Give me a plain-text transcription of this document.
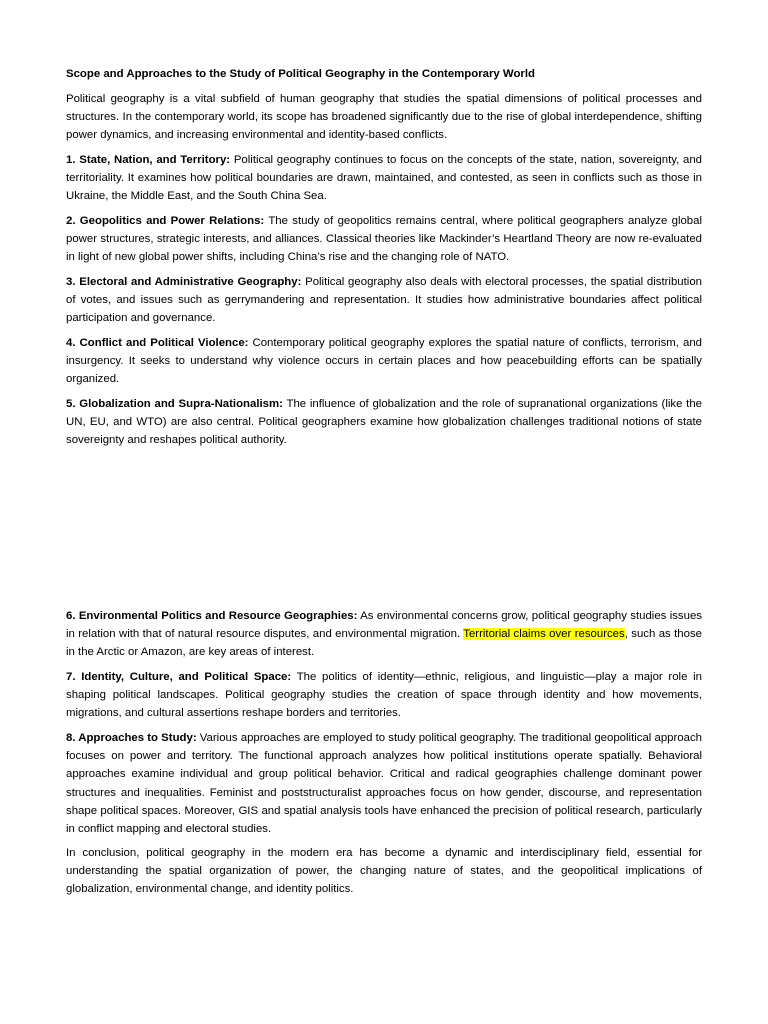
Scope and Approaches to the Study of Political Geography in the Contemporary World

Political geography is a vital subfield of human geography that studies the spatial dimensions of political processes and structures. In the contemporary world, its scope has broadened significantly due to the rise of global interdependence, shifting power dynamics, and increasing environmental and identity-based conflicts.

1. State, Nation, and Territory: Political geography continues to focus on the concepts of the state, nation, sovereignty, and territoriality. It examines how political boundaries are drawn, maintained, and contested, as seen in conflicts such as those in Ukraine, the Middle East, and the South China Sea.

2. Geopolitics and Power Relations: The study of geopolitics remains central, where political geographers analyze global power structures, strategic interests, and alliances. Classical theories like Mackinder’s Heartland Theory are now re-evaluated in light of new global power shifts, including China’s rise and the changing role of NATO.

3. Electoral and Administrative Geography: Political geography also deals with electoral processes, the spatial distribution of votes, and issues such as gerrymandering and representation. It studies how administrative boundaries affect political participation and governance.

4. Conflict and Political Violence: Contemporary political geography explores the spatial nature of conflicts, terrorism, and insurgency. It seeks to understand why violence occurs in certain places and how peacebuilding efforts can be spatially organized.

5. Globalization and Supra-Nationalism: The influence of globalization and the role of supranational organizations (like the UN, EU, and WTO) are also central. Political geographers examine how globalization challenges traditional notions of state sovereignty and reshapes political authority.

6. Environmental Politics and Resource Geographies: As environmental concerns grow, political geography studies issues in relation with that of natural resource disputes, and environmental migration. Territorial claims over resources, such as those in the Arctic or Amazon, are key areas of interest.

7. Identity, Culture, and Political Space: The politics of identity—ethnic, religious, and linguistic—play a major role in shaping political landscapes. Political geography studies the creation of space through identity and how movements, migrations, and cultural assertions reshape borders and territories.

8. Approaches to Study: Various approaches are employed to study political geography. The traditional geopolitical approach focuses on power and territory. The functional approach analyzes how political institutions operate spatially. Behavioral approaches examine individual and group political behavior. Critical and radical geographies challenge dominant power structures and inequalities. Feminist and poststructuralist approaches focus on how gender, discourse, and representation shape political spaces. Moreover, GIS and spatial analysis tools have enhanced the precision of political research, particularly in conflict mapping and electoral studies.

In conclusion, political geography in the modern era has become a dynamic and interdisciplinary field, essential for understanding the spatial organization of power, the changing nature of states, and the geopolitical implications of globalization, environmental change, and identity politics.
